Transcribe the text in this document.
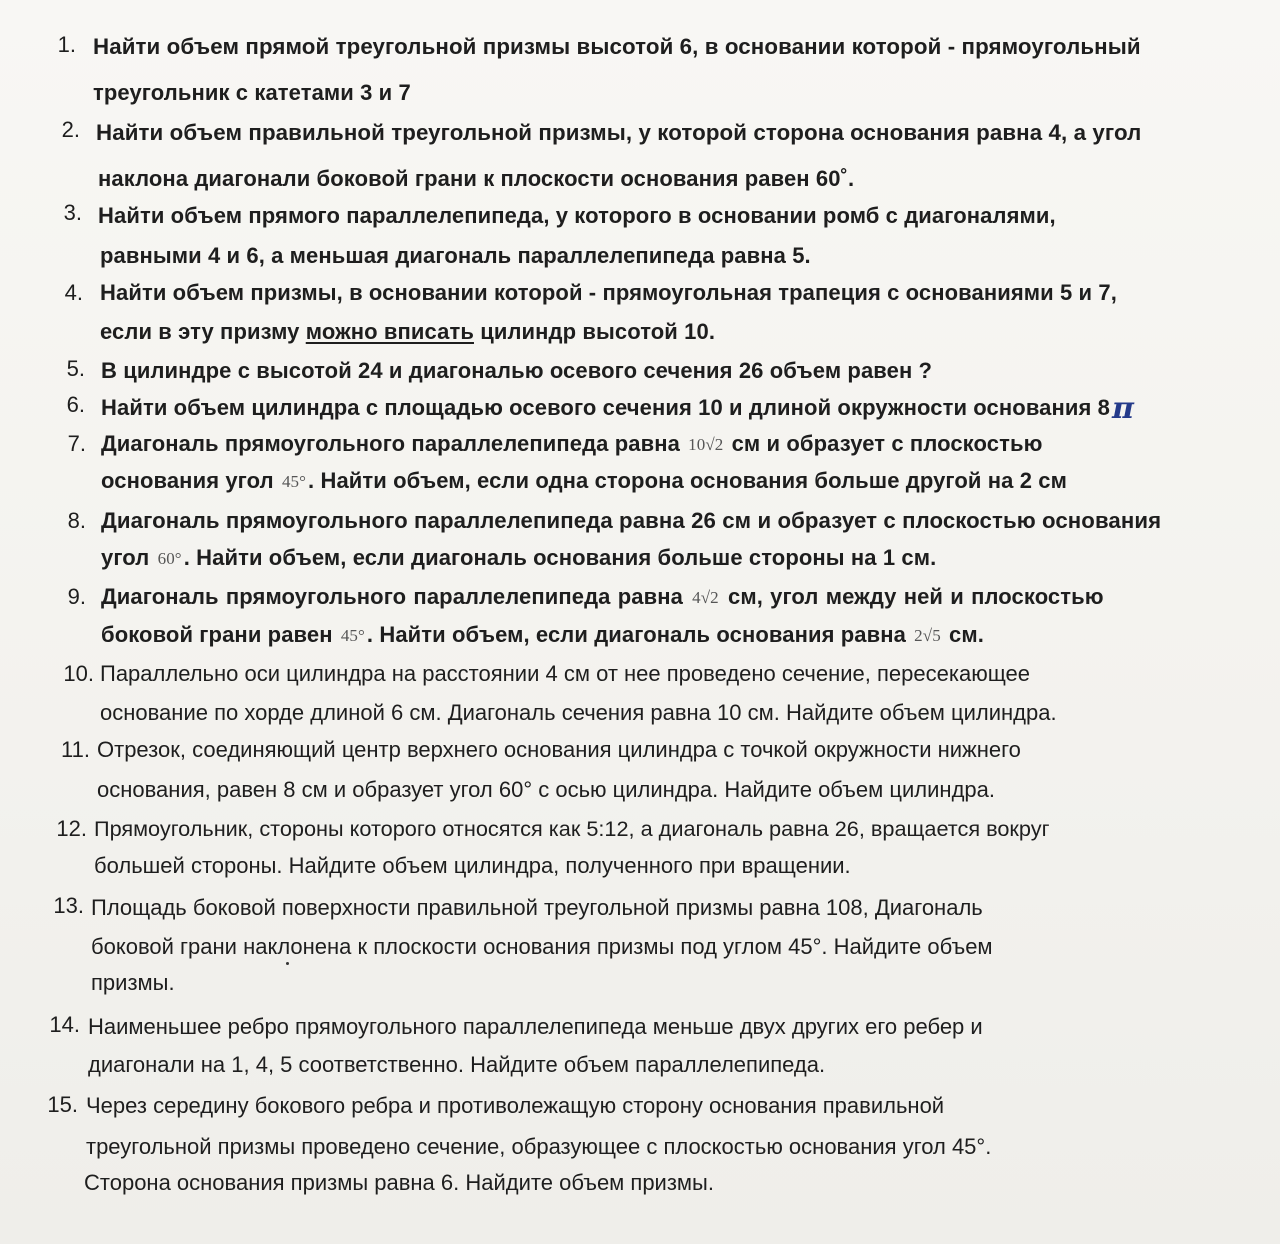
1. Найти объем прямой треугольной призмы высотой 6, в основании которой - прямоугольный
треугольник с катетами 3 и 7
2. Найти объем правильной треугольной призмы, у которой сторона основания равна 4, а угол
наклона диагонали боковой грани к плоскости основания равен 60˚.
3. Найти объем прямого параллелепипеда, у которого в основании ромб с диагоналями,
равными 4 и 6, а меньшая диагональ параллелепипеда равна 5.
4. Найти объем призмы, в основании которой - прямоугольная трапеция с основаниями 5 и 7,
если в эту призму можно вписать цилиндр высотой 10.
5. В цилиндре с высотой 24 и диагональю осевого сечения 26 объем равен ?
6. Найти объем цилиндра с площадью осевого сечения 10 и длиной окружности основания 8π
7. Диагональ прямоугольного параллелепипеда равна 10√2 см и образует с плоскостью
основания угол 45°. Найти объем, если одна сторона основания больше другой на 2 см
8. Диагональ прямоугольного параллелепипеда равна 26 см и образует с плоскостью основания
угол 60°. Найти объем, если диагональ основания больше стороны на 1 см.
9. Диагональ прямоугольного параллелепипеда равна 4√2 см, угол между ней и плоскостью
боковой грани равен 45°. Найти объем, если диагональ основания равна 2√5 см.
10. Параллельно оси цилиндра на расстоянии 4 см от нее проведено сечение, пересекающее
основание по хорде длиной 6 см. Диагональ сечения равна 10 см. Найдите объем цилиндра.
11. Отрезок, соединяющий центр верхнего основания цилиндра с точкой окружности нижнего
основания, равен 8 см и образует угол 60° с осью цилиндра. Найдите объем цилиндра.
12. Прямоугольник, стороны которого относятся как 5:12, а диагональ равна 26, вращается вокруг
большей стороны. Найдите объем цилиндра, полученного при вращении.
13. Площадь боковой поверхности правильной треугольной призмы равна 108, Диагональ
боковой грани наклонена к плоскости основания призмы под углом 45°. Найдите объем
призмы.
14. Наименьшее ребро прямоугольного параллелепипеда меньше двух других его ребер и
диагонали на 1, 4, 5 соответственно. Найдите объем параллелепипеда.
15. Через середину бокового ребра и противолежащую сторону основания правильной
треугольной призмы проведено сечение, образующее с плоскостью основания угол 45°.
Сторона основания призмы равна 6. Найдите объем призмы.
